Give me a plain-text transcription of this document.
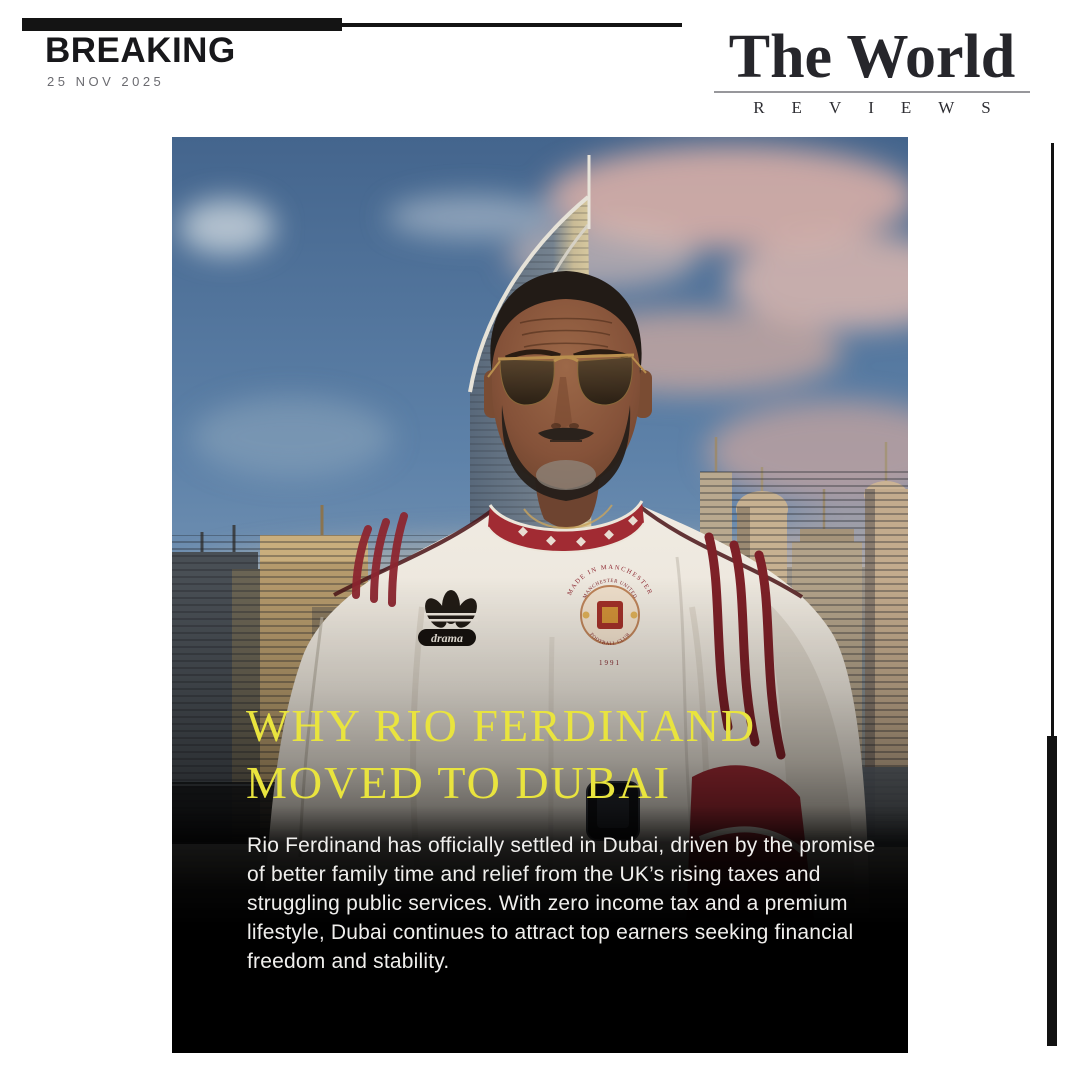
BREAKING
25 NOV 2025	The World
REVIEWS
WHY RIO FERDINAND
MOVED TO DUBAI

Rio Ferdinand has officially settled in Dubai, driven by the promise of better family time and relief from the UK’s rising taxes and struggling public services. With zero income tax and a premium lifestyle, Dubai continues to attract top earners seeking financial freedom and stability.
